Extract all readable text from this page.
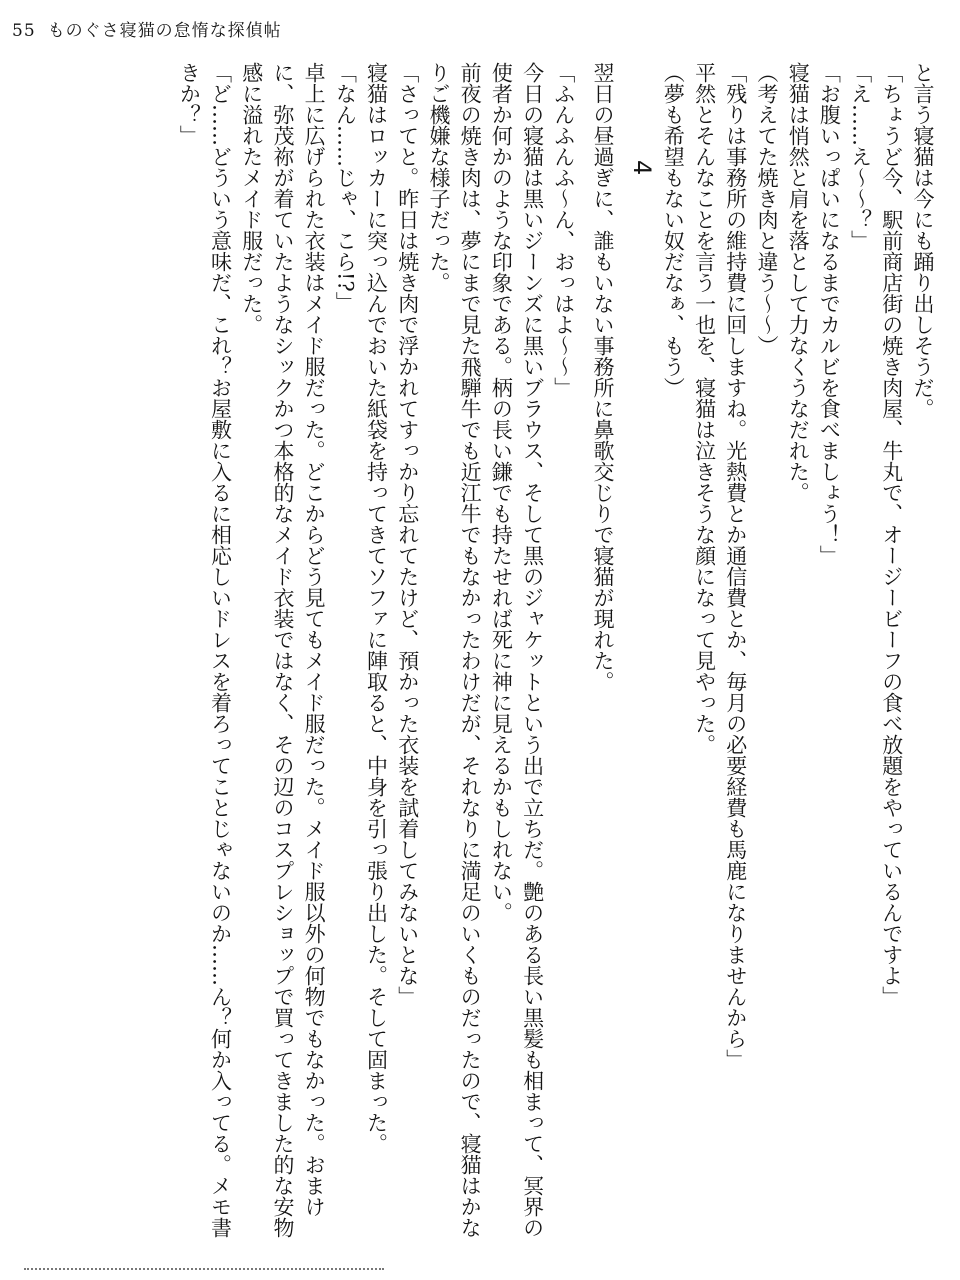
55 ものぐさ寝猫の怠惰な探偵帖

と言う寝猫は今にも踊り出しそうだ。

「ちょうど今、駅前商店街の焼き肉屋、牛丸で、オージービーフの食べ放題をやっているんですよ」

「え……え～～？」

「お腹いっぱいになるまでカルビを食べましょう！」

寝猫は悄然と肩を落として力なくうなだれた。

（考えてた焼き肉と違う～～）

「残りは事務所の維持費に回しますね。光熱費とか通信費とか、毎月の必要経費も馬鹿になりませんから」

平然とそんなことを言う一也を、寝猫は泣きそうな顔になって見やった。

（夢も希望もない奴だなぁ、もう）

4

翌日の昼過ぎに、誰もいない事務所に鼻歌交じりで寝猫が現れた。

「ふんふんふ～ん、おっはよ～～」

今日の寝猫は黒いジーンズに黒いブラウス、そして黒のジャケットという出で立ちだ。艶のある長い黒髪も相まって、冥界の使者か何かのような印象である。柄の長い鎌でも持たせれば死に神に見えるかもしれない。

前夜の焼き肉は、夢にまで見た飛騨牛でも近江牛でもなかったわけだが、それなりに満足のいくものだったので、寝猫はかなりご機嫌な様子だった。

「さってと。昨日は焼き肉で浮かれてすっかり忘れてたけど、預かった衣装を試着してみないとな」

寝猫はロッカーに突っ込んでおいた紙袋を持ってきてソファに陣取ると、中身を引っ張り出した。そして固まった。

「なん……じゃ、こら!?」

卓上に広げられた衣装はメイド服だった。どこからどう見てもメイド服だった。メイド服以外の何物でもなかった。おまけに、弥茂祢が着ていたようなシックかつ本格的なメイド衣装ではなく、その辺のコスプレショップで買ってきました的な安物感に溢れたメイド服だった。

「ど……どういう意味だ、これ？お屋敷に入るに相応しいドレスを着ろってことじゃないのか……ん？何か入ってる。メモ書きか？」
